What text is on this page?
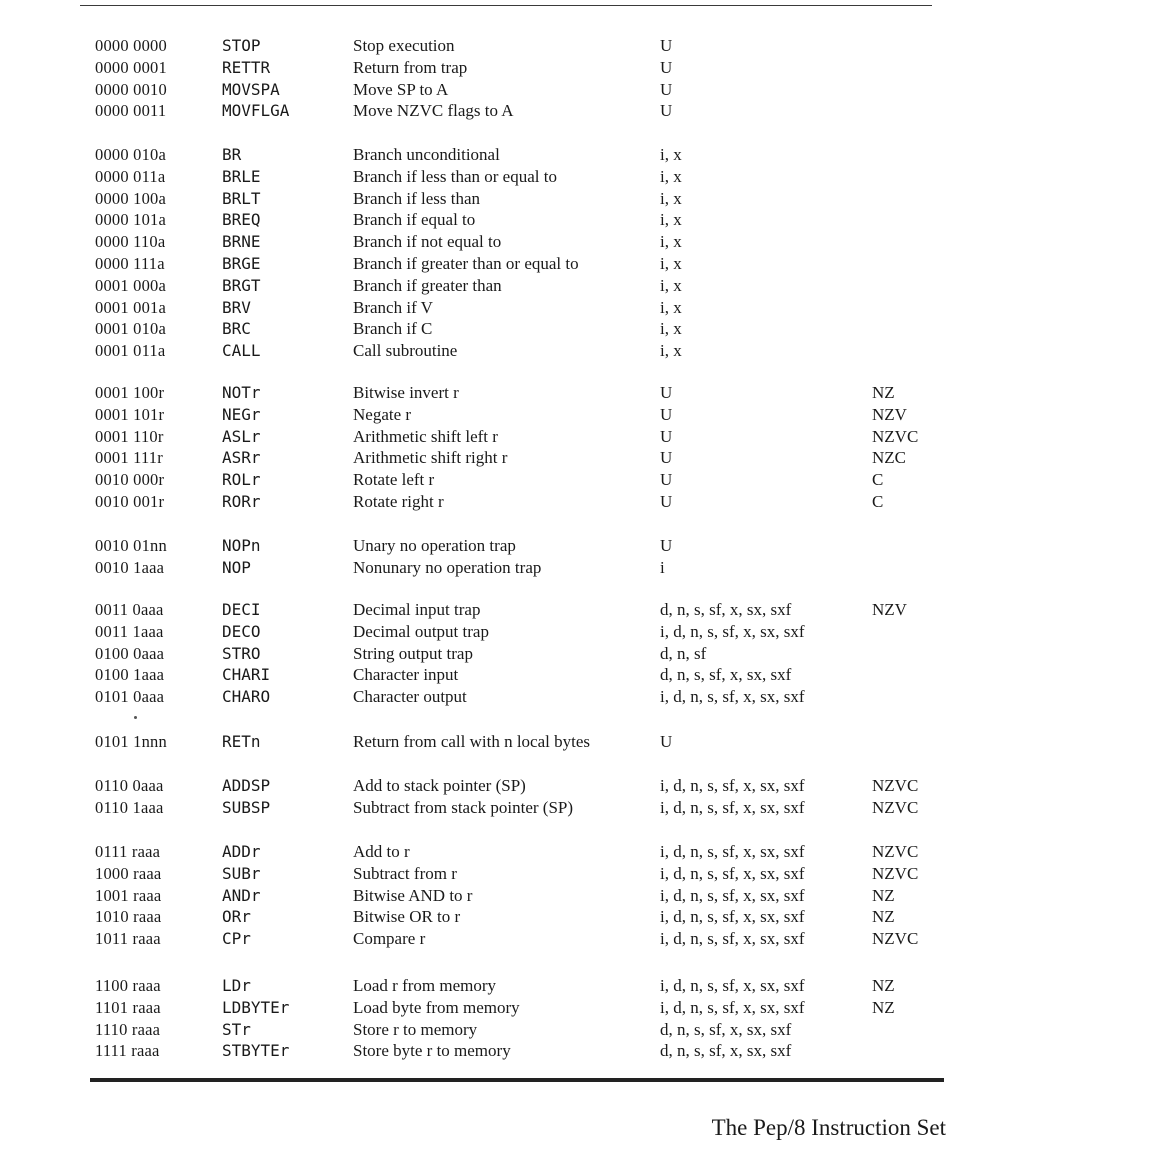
0000 0000	STOP	Stop execution	U
0000 0001	RETTR	Return from trap	U
0000 0010	MOVSPA	Move SP to A	U
0000 0011	MOVFLGA	Move NZVC flags to A	U
0000 010a	BR	Branch unconditional	i, x
0000 011a	BRLE	Branch if less than or equal to	i, x
0000 100a	BRLT	Branch if less than	i, x
0000 101a	BREQ	Branch if equal to	i, x
0000 110a	BRNE	Branch if not equal to	i, x
0000 111a	BRGE	Branch if greater than or equal to	i, x
0001 000a	BRGT	Branch if greater than	i, x
0001 001a	BRV	Branch if V	i, x
0001 010a	BRC	Branch if C	i, x
0001 011a	CALL	Call subroutine	i, x
0001 100r	NOTr	Bitwise invert r	U	NZ
0001 101r	NEGr	Negate r	U	NZV
0001 110r	ASLr	Arithmetic shift left r	U	NZVC
0001 111r	ASRr	Arithmetic shift right r	U	NZC
0010 000r	ROLr	Rotate left r	U	C
0010 001r	RORr	Rotate right r	U	C
0010 01nn	NOPn	Unary no operation trap	U
0010 1aaa	NOP	Nonunary no operation trap	i
0011 0aaa	DECI	Decimal input trap	d, n, s, sf, x, sx, sxf	NZV
0011 1aaa	DECO	Decimal output trap	i, d, n, s, sf, x, sx, sxf
0100 0aaa	STRO	String output trap	d, n, sf
0100 1aaa	CHARI	Character input	d, n, s, sf, x, sx, sxf
0101 0aaa	CHARO	Character output	i, d, n, s, sf, x, sx, sxf
0101 1nnn	RETn	Return from call with n local bytes	U
0110 0aaa	ADDSP	Add to stack pointer (SP)	i, d, n, s, sf, x, sx, sxf	NZVC
0110 1aaa	SUBSP	Subtract from stack pointer (SP)	i, d, n, s, sf, x, sx, sxf	NZVC
0111 raaa	ADDr	Add to r	i, d, n, s, sf, x, sx, sxf	NZVC
1000 raaa	SUBr	Subtract from r	i, d, n, s, sf, x, sx, sxf	NZVC
1001 raaa	ANDr	Bitwise AND to r	i, d, n, s, sf, x, sx, sxf	NZ
1010 raaa	ORr	Bitwise OR to r	i, d, n, s, sf, x, sx, sxf	NZ
1011 raaa	CPr	Compare r	i, d, n, s, sf, x, sx, sxf	NZVC
1100 raaa	LDr	Load r from memory	i, d, n, s, sf, x, sx, sxf	NZ
1101 raaa	LDBYTEr	Load byte from memory	i, d, n, s, sf, x, sx, sxf	NZ
1110 raaa	STr	Store r to memory	d, n, s, sf, x, sx, sxf
1111 raaa	STBYTEr	Store byte r to memory	d, n, s, sf, x, sx, sxf
The Pep/8 Instruction Set
